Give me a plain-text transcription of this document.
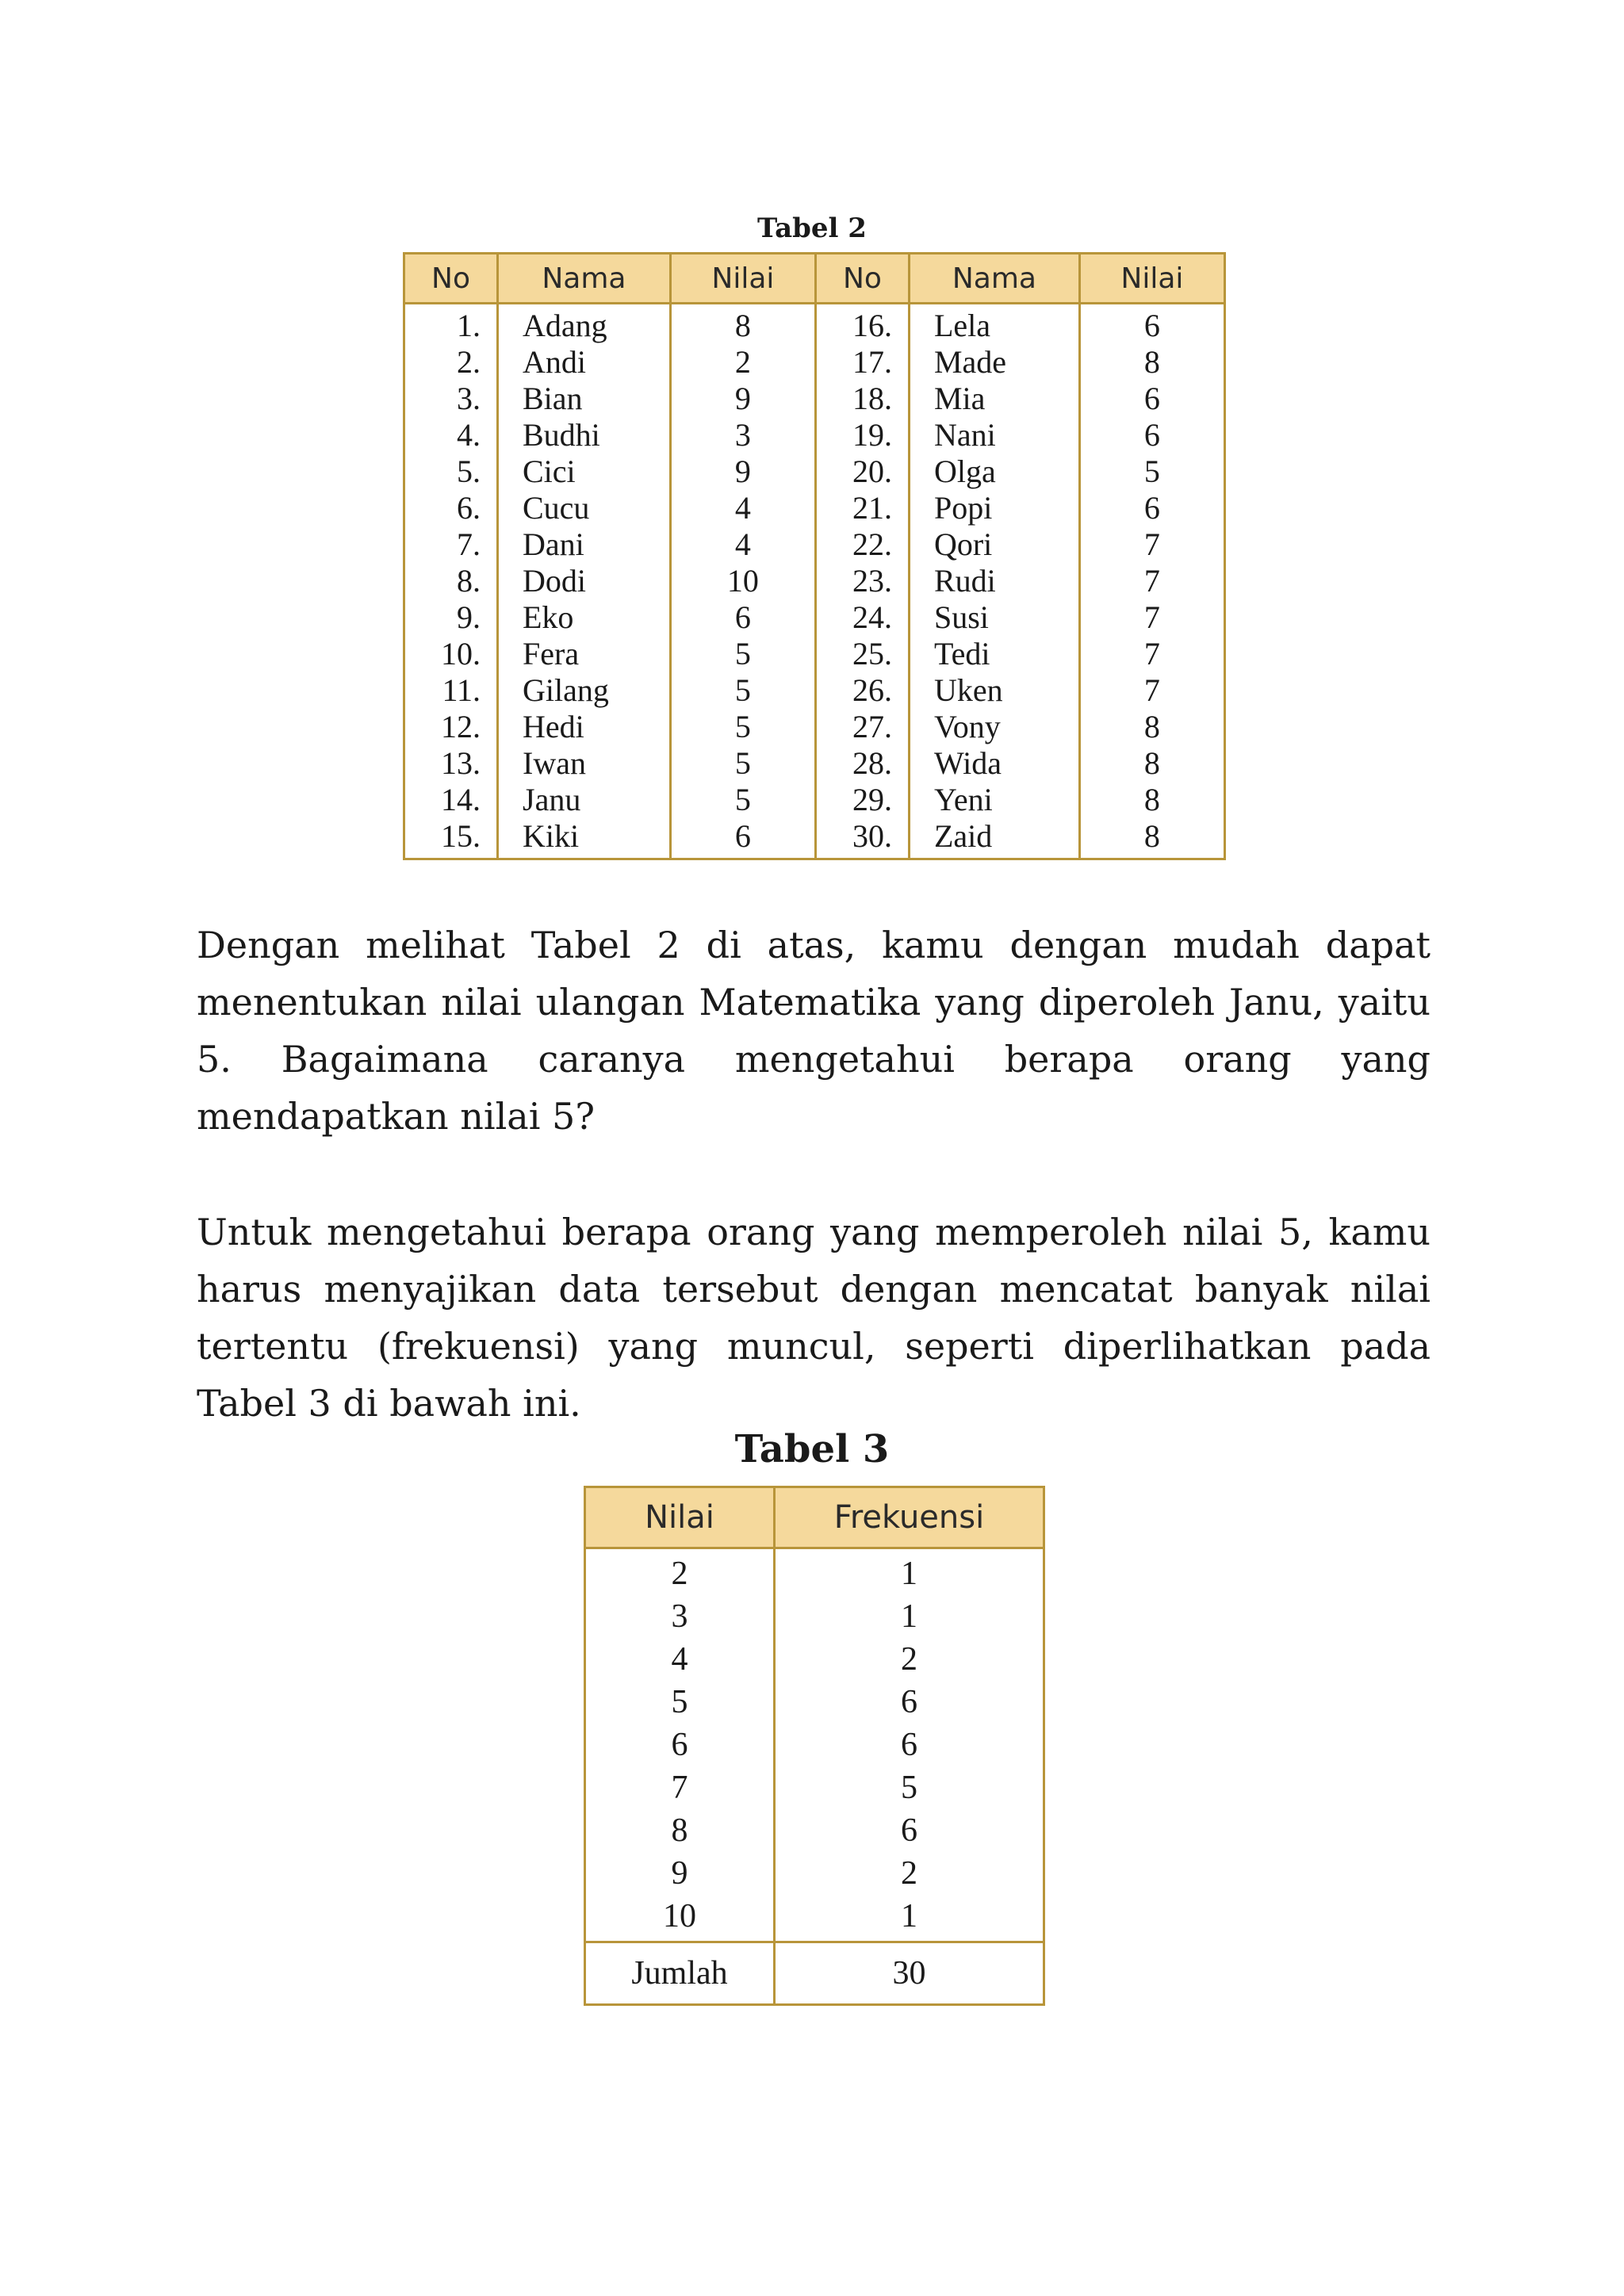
Tabel 2
No	Nama	Nilai	No	Nama	Nilai
1.	Adang	8	16.	Lela	6
2.	Andi	2	17.	Made	8
3.	Bian	9	18.	Mia	6
4.	Budhi	3	19.	Nani	6
5.	Cici	9	20.	Olga	5
6.	Cucu	4	21.	Popi	6
7.	Dani	4	22.	Qori	7
8.	Dodi	10	23.	Rudi	7
9.	Eko	6	24.	Susi	7
10.	Fera	5	25.	Tedi	7
11.	Gilang	5	26.	Uken	7
12.	Hedi	5	27.	Vony	8
13.	Iwan	5	28.	Wida	8
14.	Janu	5	29.	Yeni	8
15.	Kiki	6	30.	Zaid	8

Dengan melihat Tabel 2 di atas, kamu dengan mudah dapat menentukan nilai ulangan Matematika yang diperoleh Janu, yaitu 5. Bagaimana caranya mengetahui berapa orang yang mendapatkan nilai 5?

Untuk mengetahui berapa orang yang memperoleh nilai 5, kamu harus menyajikan data tersebut dengan mencatat banyak nilai tertentu (frekuensi) yang muncul, seperti diperlihatkan pada Tabel 3 di bawah ini.

Tabel 3
Nilai	Frekuensi
2	1
3	1
4	2
5	6
6	6
7	5
8	6
9	2
10	1
Jumlah	30
